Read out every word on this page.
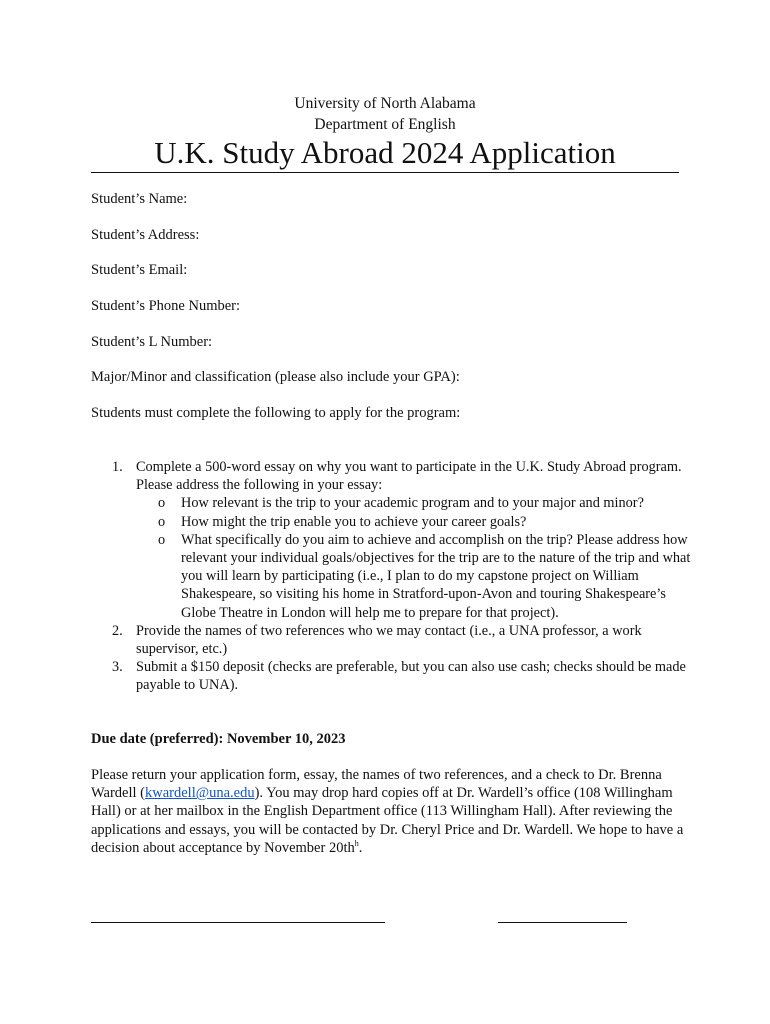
University of North Alabama
Department of English
U.K. Study Abroad 2024 Application
Student’s Name:
Student’s Address:
Student’s Email:
Student’s Phone Number:
Student’s L Number:
Major/Minor and classification (please also include your GPA):
Students must complete the following to apply for the program:
1. Complete a 500-word essay on why you want to participate in the U.K. Study Abroad program. Please address the following in your essay:
o How relevant is the trip to your academic program and to your major and minor?
o How might the trip enable you to achieve your career goals?
o What specifically do you aim to achieve and accomplish on the trip? Please address how relevant your individual goals/objectives for the trip are to the nature of the trip and what you will learn by participating (i.e., I plan to do my capstone project on William Shakespeare, so visiting his home in Stratford-upon-Avon and touring Shakespeare’s Globe Theatre in London will help me to prepare for that project).
2. Provide the names of two references who we may contact (i.e., a UNA professor, a work supervisor, etc.)
3. Submit a $150 deposit (checks are preferable, but you can also use cash; checks should be made payable to UNA).
Due date (preferred): November 10, 2023
Please return your application form, essay, the names of two references, and a check to Dr. Brenna Wardell (kwardell@una.edu). You may drop hard copies off at Dr. Wardell’s office (108 Willingham Hall) or at her mailbox in the English Department office (113 Willingham Hall). After reviewing the applications and essays, you will be contacted by Dr. Cheryl Price and Dr. Wardell. We hope to have a decision about acceptance by November $20th^h$.
